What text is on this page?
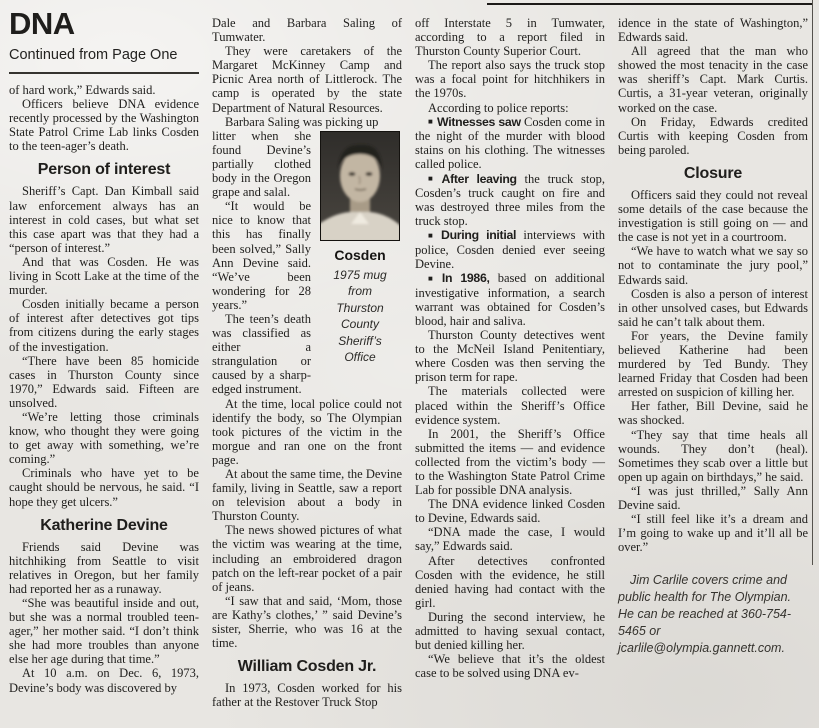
DNA
Continued from Page One

of hard work,” Edwards said.

Officers believe DNA evidence recently processed by the Washington State Patrol Crime Lab links Cosden to the teen-ager’s death.

Person of interest

Sheriff’s Capt. Dan Kimball said law enforcement always has an interest in cold cases, but what set this case apart was that they had a “person of interest.”

And that was Cosden. He was living in Scott Lake at the time of the murder.

Cosden initially became a person of interest after detectives got tips from citizens during the early stages of the investigation.

“There have been 85 homicide cases in Thurston County since 1970,” Edwards said. Fifteen are unsolved.

“We’re letting those criminals know, who thought they were going to get away with something, we’re coming.”

Criminals who have yet to be caught should be nervous, he said. “I hope they get ulcers.”

Katherine Devine

Friends said Devine was hitchhiking from Seattle to visit relatives in Oregon, but her family had reported her as a runaway.

“She was beautiful inside and out, but she was a normal troubled teen-ager,” her mother said. “I don’t think she had more troubles than anyone else her age during that time.”

At 10 a.m. on Dec. 6, 1973, Devine’s body was discovered by

Dale and Barbara Saling of Tumwater.

They were caretakers of the Margaret McKinney Camp and Picnic Area north of Littlerock. The camp is operated by the state Department of Natural Resources.

Barbara Saling was picking up

Cosden
1975 mug
from
Thurston
County
Sheriff’s
Office

litter when she found Devine’s partially clothed body in the Oregon grape and salal.

“It would be nice to know that this has finally been solved,” Sally Ann Devine said. “We’ve been wondering for 28 years.”

The teen’s death was classified as either a strangulation or caused by a sharp-edged instrument.

At the time, local police could not identify the body, so The Olympian took pictures of the victim in the morgue and ran one on the front page.

At about the same time, the Devine family, living in Seattle, saw a report on television about a body in Thurston County.

The news showed pictures of what the victim was wearing at the time, including an embroidered dragon patch on the left-rear pocket of a pair of jeans.

“I saw that and said, ‘Mom, those are Kathy’s clothes,’ ” said Devine’s sister, Sherrie, who was 16 at the time.

William Cosden Jr.

In 1973, Cosden worked for his father at the Restover Truck Stop

off Interstate 5 in Tumwater, according to a report filed in Thurston County Superior Court.

The report also says the truck stop was a focal point for hitchhikers in the 1970s.

According to police reports:

■ Witnesses saw Cosden come in the night of the murder with blood stains on his clothing. The witnesses called police.

■ After leaving the truck stop, Cosden’s truck caught on fire and was destroyed three miles from the truck stop.

■ During initial interviews with police, Cosden denied ever seeing Devine.

■ In 1986, based on additional investigative information, a search warrant was obtained for Cosden’s blood, hair and saliva.

Thurston County detectives went to the McNeil Island Penitentiary, where Cosden was then serving the prison term for rape.

The materials collected were placed within the Sheriff’s Office evidence system.

In 2001, the Sheriff’s Office submitted the items — and evidence collected from the victim’s body — to the Washington State Patrol Crime Lab for possible DNA analysis.

The DNA evidence linked Cosden to Devine, Edwards said.

“DNA made the case, I would say,” Edwards said.

After detectives confronted Cosden with the evidence, he still denied having had contact with the girl.

During the second interview, he admitted to having sexual contact, but denied killing her.

“We believe that it’s the oldest case to be solved using DNA ev-

idence in the state of Washington,” Edwards said.

All agreed that the man who showed the most tenacity in the case was sheriff’s Capt. Mark Curtis. Curtis, a 31-year veteran, originally worked on the case.

On Friday, Edwards credited Curtis with keeping Cosden from being paroled.

Closure

Officers said they could not reveal some details of the case because the investigation is still going on — and the case is not yet in a courtroom.

“We have to watch what we say so not to contaminate the jury pool,” Edwards said.

Cosden is also a person of interest in other unsolved cases, but Edwards said he can’t talk about them.

For years, the Devine family believed Katherine had been murdered by Ted Bundy. They learned Friday that Cosden had been arrested on suspicion of killing her.

Her father, Bill Devine, said he was shocked.

“They say that time heals all wounds. They don’t (heal). Sometimes they scab over a little but open up again on birthdays,” he said.

“I was just thrilled,” Sally Ann Devine said.

“I still feel like it’s a dream and I’m going to wake up and it’ll all be over.”

Jim Carlile covers crime and public health for The Olympian. He can be reached at 360-754-5465 or jcarlile@olympia.gannett.com.
